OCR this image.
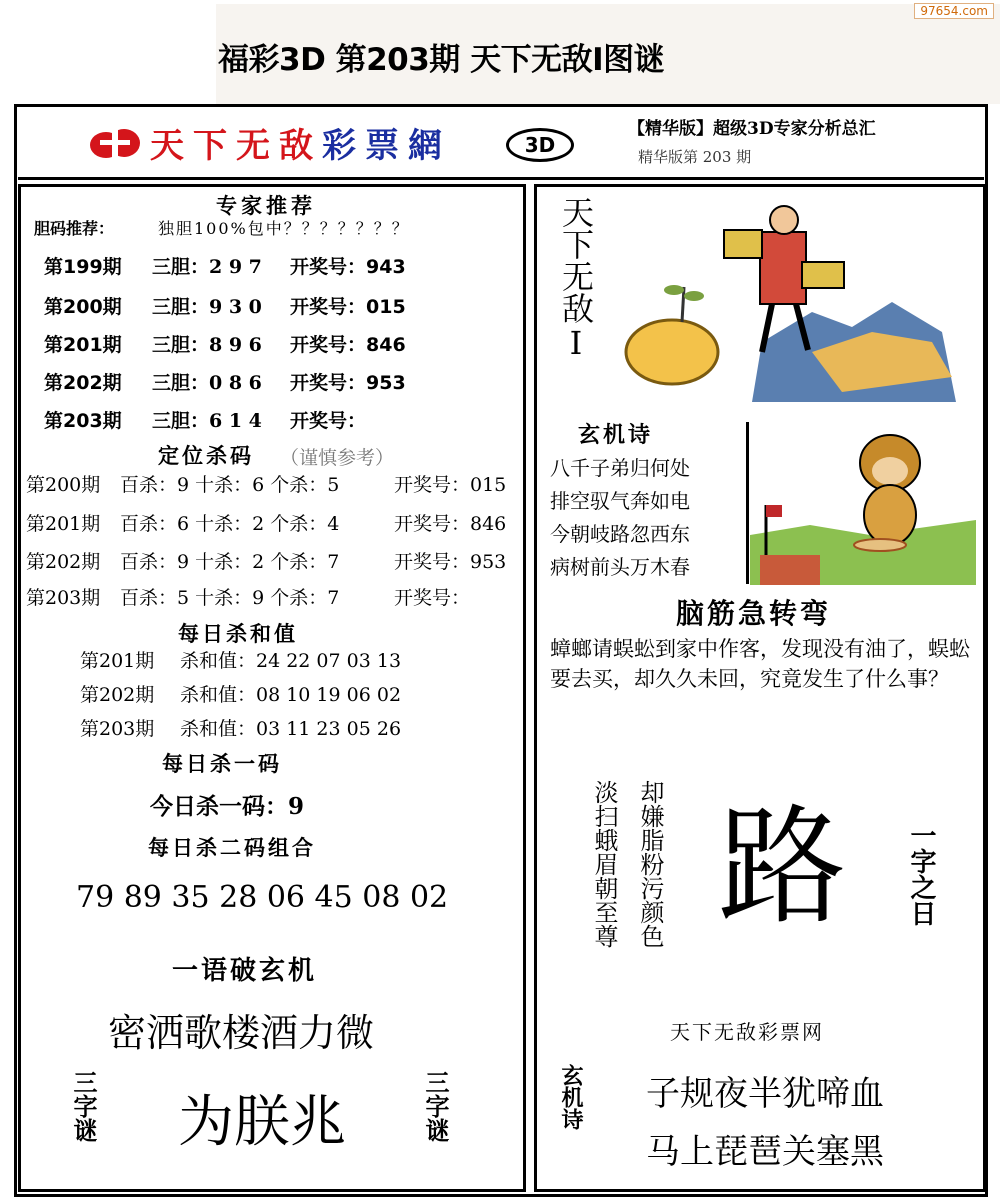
97654.com
福彩3D 第203期 天下无敌Ⅰ图谜
天下无敌彩票網	3D
【精华版】超级3D专家分析总汇
精华版第 203 期
专家推荐
胆码推荐：	独胆100%包中？？？？？？？
第199期 三胆：2 9 7 开奖号：943
第200期 三胆：9 3 0 开奖号：015
第201期 三胆：8 9 6 开奖号：846
第202期 三胆：0 8 6 开奖号：953
第203期 三胆：6 1 4 开奖号：
定位杀码 （谨慎参考）
第200期 百杀：9 十杀：6 个杀：5	开奖号：015
第201期 百杀：6 十杀：2 个杀：4	开奖号：846
第202期 百杀：9 十杀：2 个杀：7	开奖号：953
第203期 百杀：5 十杀：9 个杀：7	开奖号：
每日杀和值
第201期 杀和值：24 22 07 03 13
第202期 杀和值：08 10 19 06 02
第203期 杀和值：03 11 23 05 26
每日杀一码
今日杀一码：9
每日杀二码组合
79 89 35 28 06 45 08 02
一语破玄机
密洒歌楼酒力微
三字谜 为朕兆	三字谜
天下无敌Ⅰ
玄机诗
八千子弟归何处
排空驭气奔如电
今朝岐路忽西东
病树前头万木春
脑筋急转弯
蟑螂请蜈蚣到家中作客，发现没有油了，蜈蚣要去买，却久久未回，究竟发生了什么事？
却嫌脂粉污颜色
淡扫蛾眉朝至尊 路 一字之日
天下无敌彩票网
玄机诗 子规夜半犹啼血
马上琵琶关塞黑
